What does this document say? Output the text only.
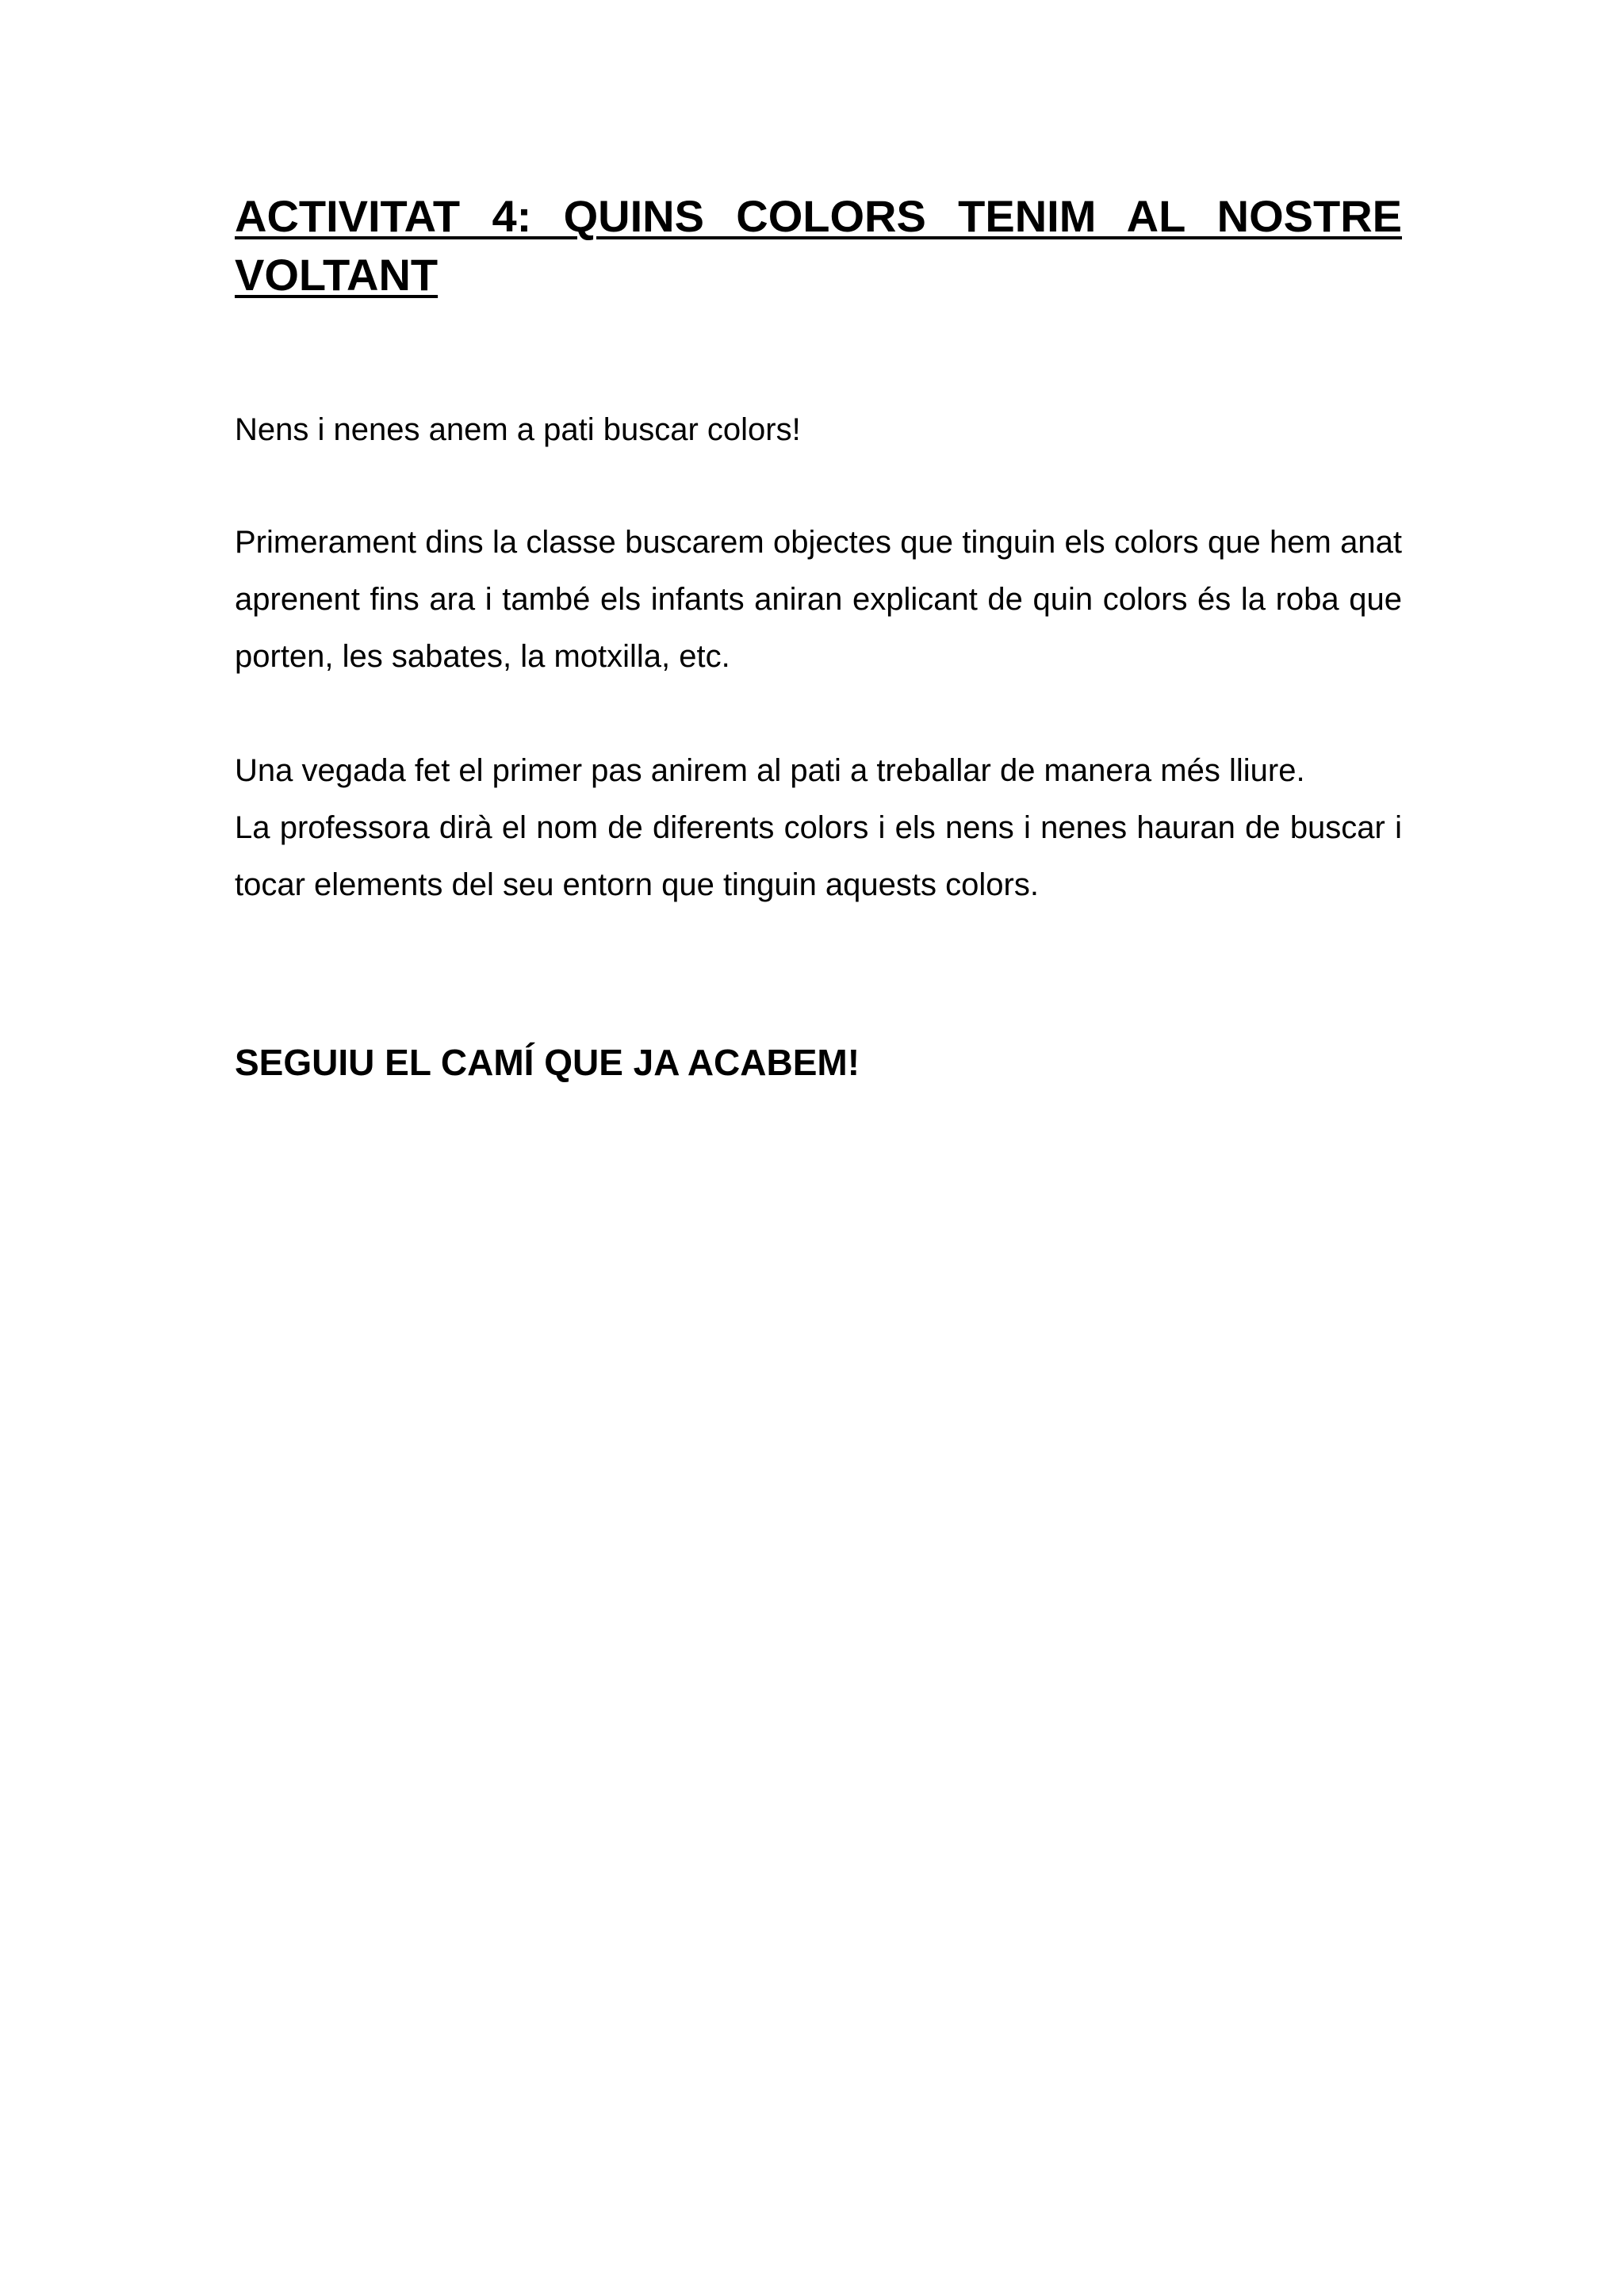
ACTIVITAT 4: QUINS COLORS TENIM AL NOSTRE
VOLTANT

Nens i nenes anem a pati buscar colors!

Primerament dins la classe buscarem objectes que tinguin els colors que hem anat aprenent fins ara i també els infants aniran explicant de quin colors és la roba que porten, les sabates, la motxilla, etc.

Una vegada fet el primer pas anirem al pati a treballar de manera més lliure.
La professora dirà el nom de diferents colors i els nens i nenes hauran de buscar i tocar elements del seu entorn que tinguin aquests colors.

SEGUIU EL CAMÍ QUE JA ACABEM!
